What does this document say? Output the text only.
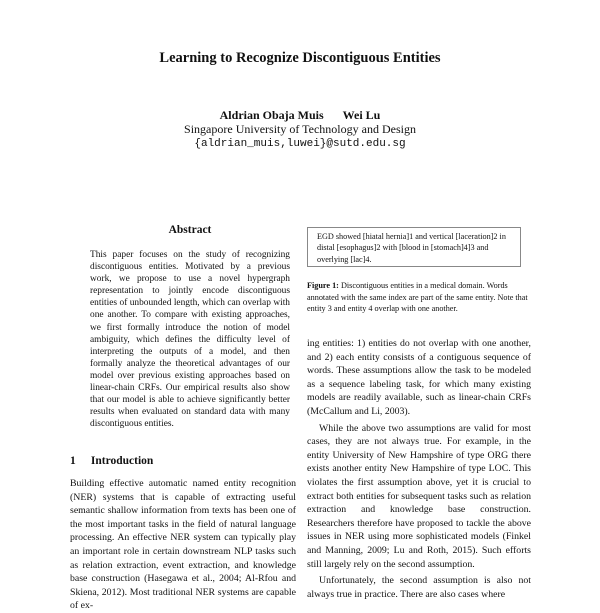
Learning to Recognize Discontiguous Entities
Aldrian Obaja Muis Wei Lu
Singapore University of Technology and Design
{aldrian_muis,luwei}@sutd.edu.sg
Abstract
This paper focuses on the study of recognizing discontiguous entities. Motivated by a previous work, we propose to use a novel hypergraph representation to jointly encode discontiguous entities of unbounded length, which can overlap with one another. To compare with existing approaches, we first formally introduce the notion of model ambiguity, which defines the difficulty level of interpreting the outputs of a model, and then formally analyze the theoretical advantages of our model over previous existing approaches based on linear-chain CRFs. Our empirical results also show that our model is able to achieve significantly better results when evaluated on standard data with many discontiguous entities.
1 Introduction
Building effective automatic named entity recognition (NER) systems that is capable of extracting useful semantic shallow information from texts has been one of the most important tasks in the field of natural language processing. An effective NER system can typically play an important role in certain downstream NLP tasks such as relation extraction, event extraction, and knowledge base construction (Hasegawa et al., 2004; Al-Rfou and Skiena, 2012). Most traditional NER systems are capable of ex-
EGD showed [hiatal hernia]1 and vertical [laceration]2 in distal [esophagus]2 with [blood in [stomach]4]3 and overlying [lac]4.
Figure 1: Discontiguous entities in a medical domain. Words annotated with the same index are part of the same entity. Note that entity 3 and entity 4 overlap with one another.

ing entities: 1) entities do not overlap with one another, and 2) each entity consists of a contiguous sequence of words. These assumptions allow the task to be modeled as a sequence labeling task, for which many existing models are readily available, such as linear-chain CRFs (McCallum and Li, 2003).

While the above two assumptions are valid for most cases, they are not always true. For example, in the entity University of New Hampshire of type ORG there exists another entity New Hampshire of type LOC. This violates the first assumption above, yet it is crucial to extract both entities for subsequent tasks such as relation extraction and knowledge base construction. Researchers therefore have proposed to tackle the above issues in NER using more sophisticated models (Finkel and Manning, 2009; Lu and Roth, 2015). Such efforts still largely rely on the second assumption.

Unfortunately, the second assumption is also not always true in practice. There are also cases where
